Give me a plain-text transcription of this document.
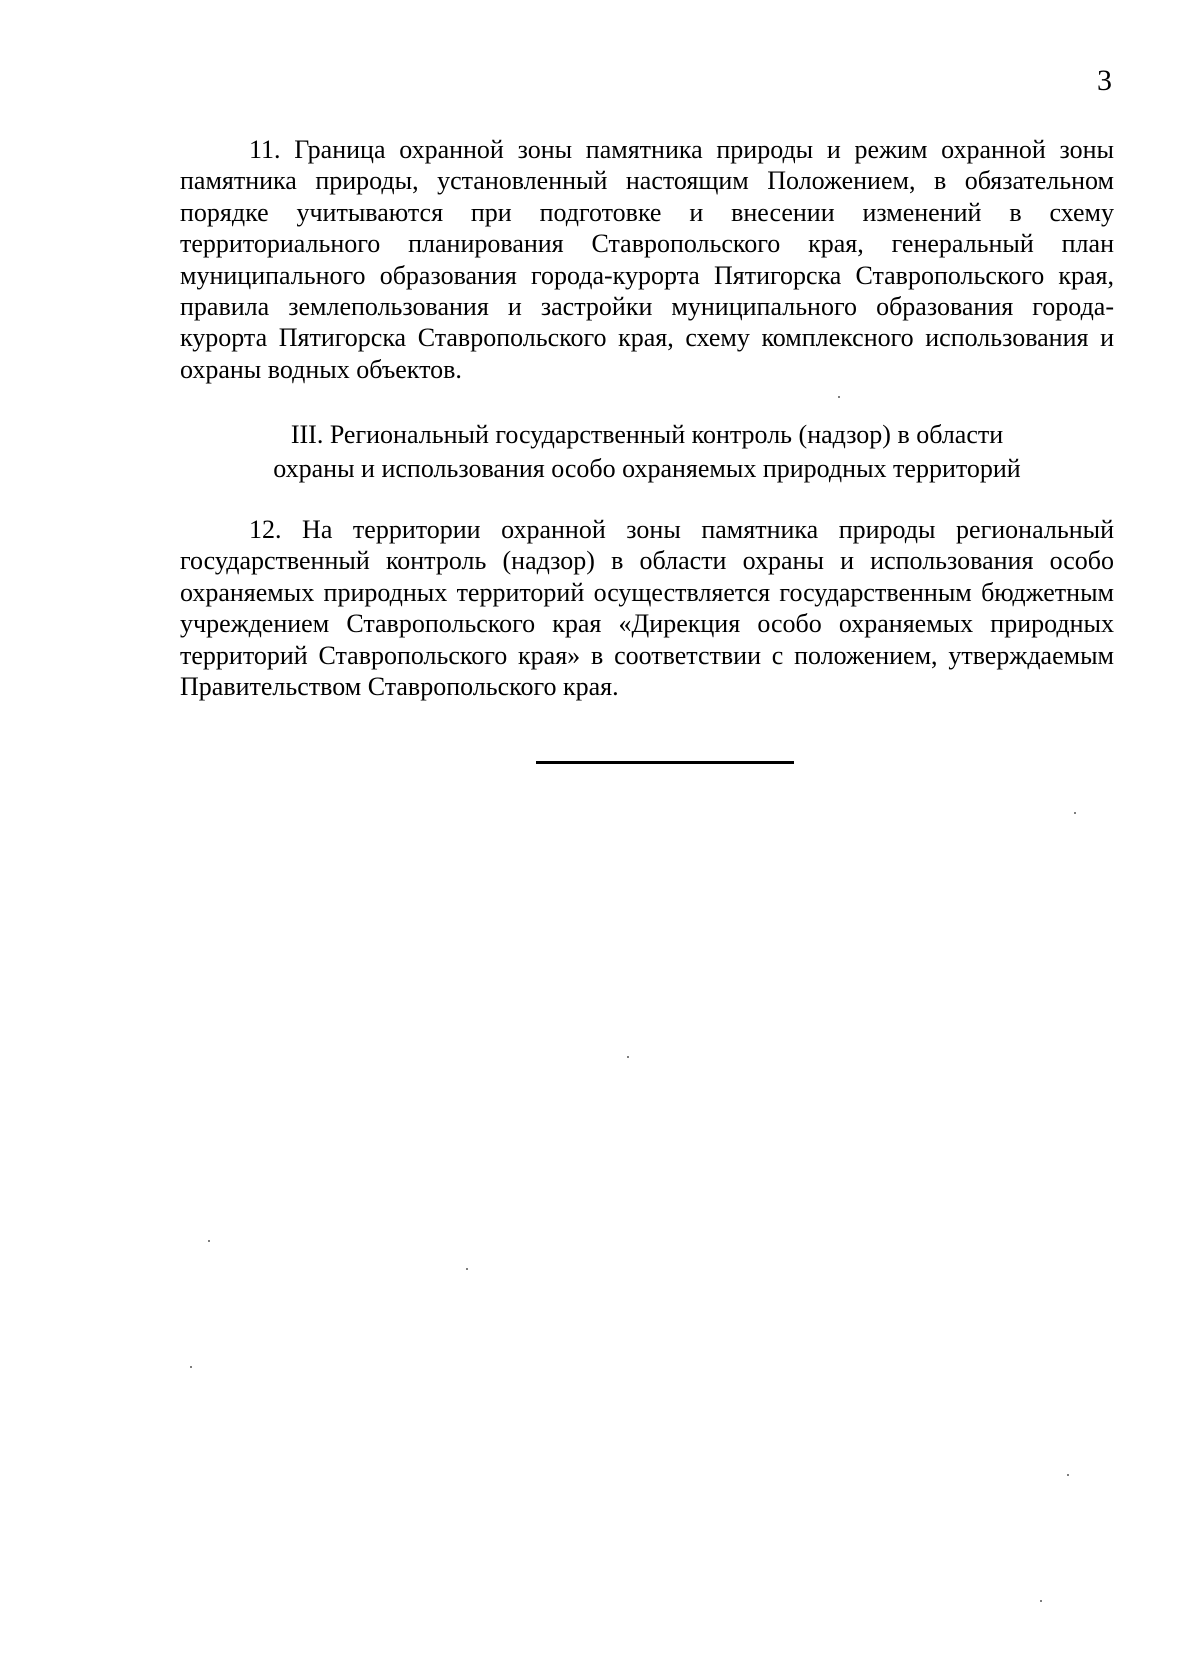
3

11. Граница охранной зоны памятника природы и режим охранной зоны памятника природы, установленный настоящим Положением, в обязательном порядке учитываются при подготовке и внесении изменений в схему территориального планирования Ставропольского края, генеральный план муниципального образования города-курорта Пятигорска Ставропольского края, правила землепользования и застройки муниципального образования города-курорта Пятигорска Ставропольского края, схему комплексного использования и охраны водных объектов.

III. Региональный государственный контроль (надзор) в области
охраны и использования особо охраняемых природных территорий

12. На территории охранной зоны памятника природы региональный государственный контроль (надзор) в области охраны и использования особо охраняемых природных территорий осуществляется государственным бюджетным учреждением Ставропольского края «Дирекция особо охраняемых природных территорий Ставропольского края» в соответствии с положением, утверждаемым Правительством Ставропольского края.
